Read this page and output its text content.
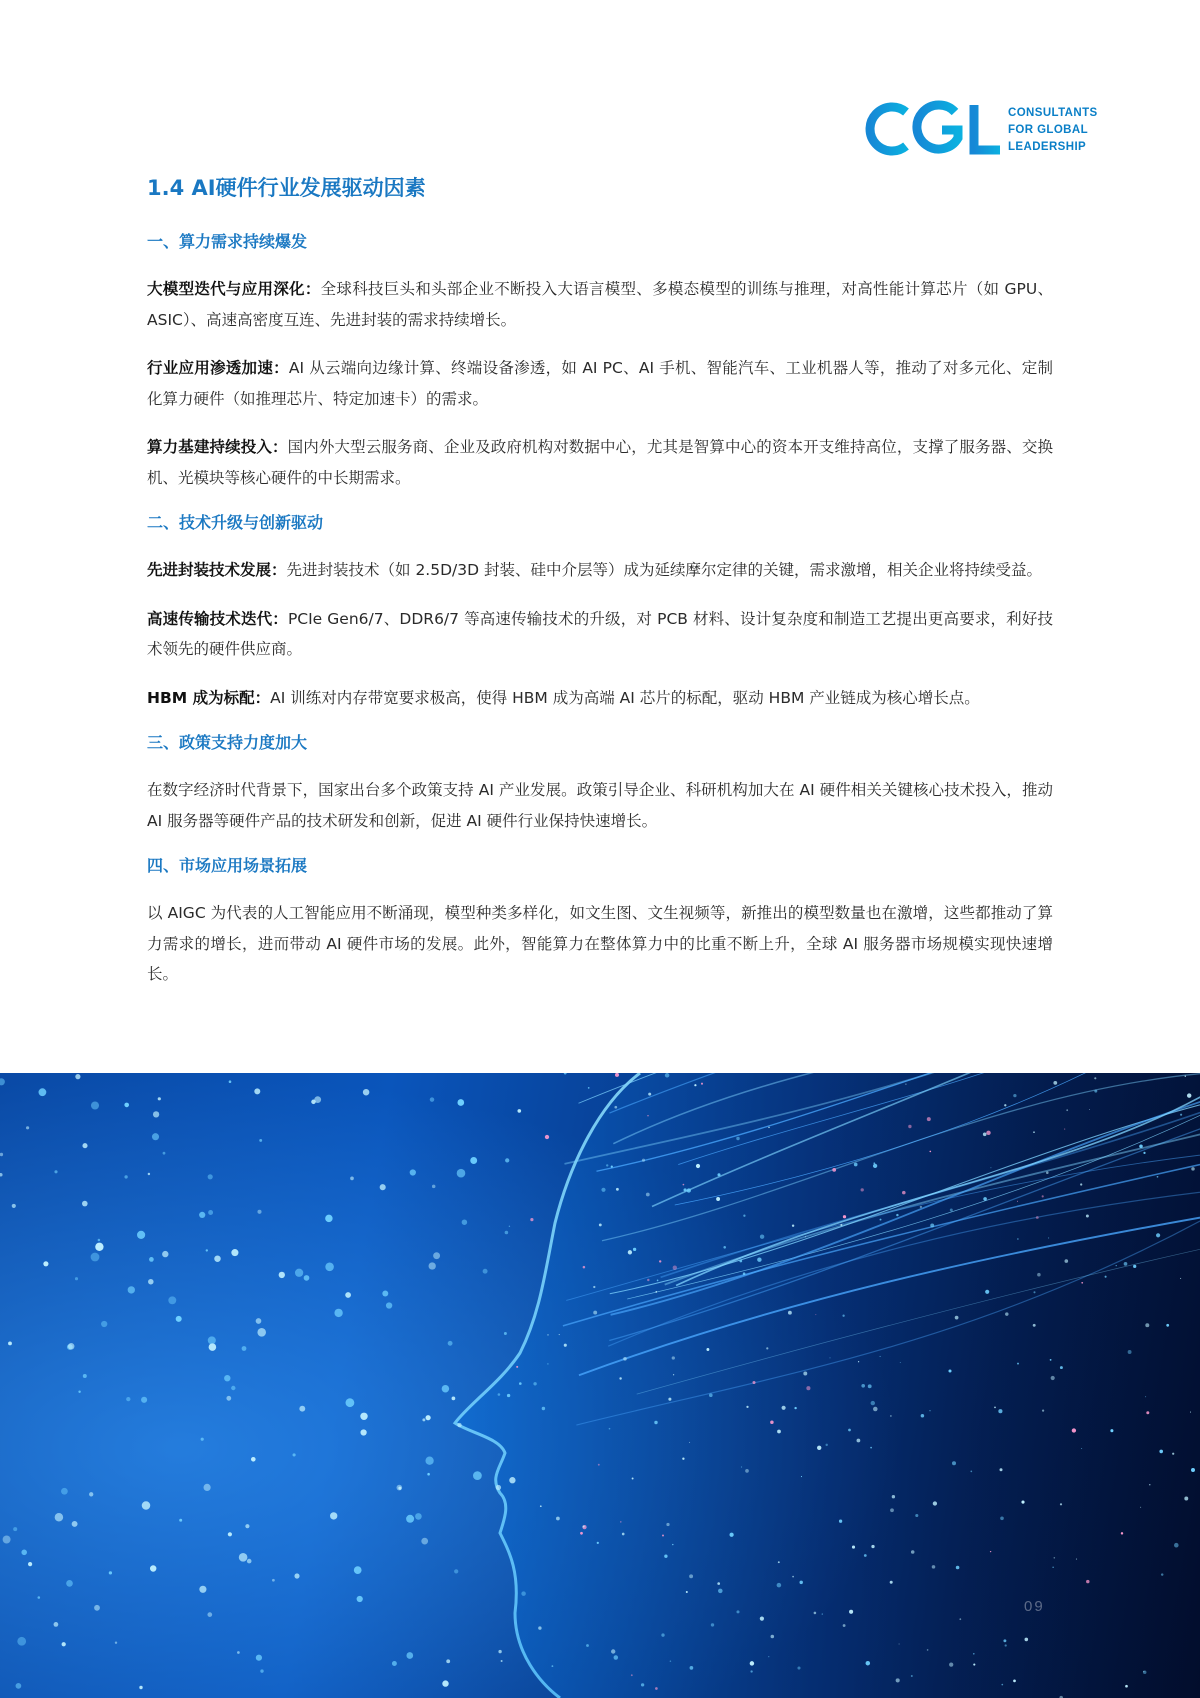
CONSULTANTS
FOR GLOBAL
LEADERSHIP
1.4 AI硬件行业发展驱动因素
一、算力需求持续爆发

大模型迭代与应用深化：全球科技巨头和头部企业不断投入大语言模型、多模态模型的训练与推理，对高性能计算芯片（如 GPU、ASIC）、高速高密度互连、先进封装的需求持续增长。

行业应用渗透加速：AI 从云端向边缘计算、终端设备渗透，如 AI PC、AI 手机、智能汽车、工业机器人等，推动了对多元化、定制化算力硬件（如推理芯片、特定加速卡）的需求。

算力基建持续投入：国内外大型云服务商、企业及政府机构对数据中心，尤其是智算中心的资本开支维持高位，支撑了服务器、交换机、光模块等核心硬件的中长期需求。

二、技术升级与创新驱动

先进封装技术发展：先进封装技术（如 2.5D/3D 封装、硅中介层等）成为延续摩尔定律的关键，需求激增，相关企业将持续受益。

高速传输技术迭代：PCIe Gen6/7、DDR6/7 等高速传输技术的升级，对 PCB 材料、设计复杂度和制造工艺提出更高要求，利好技术领先的硬件供应商。

HBM 成为标配：AI 训练对内存带宽要求极高，使得 HBM 成为高端 AI 芯片的标配，驱动 HBM 产业链成为核心增长点。

三、政策支持力度加大

在数字经济时代背景下，国家出台多个政策支持 AI 产业发展。政策引导企业、科研机构加大在 AI 硬件相关关键核心技术投入，推动 AI 服务器等硬件产品的技术研发和创新，促进 AI 硬件行业保持快速增长。

四、市场应用场景拓展

以 AIGC 为代表的人工智能应用不断涌现，模型种类多样化，如文生图、文生视频等，新推出的模型数量也在激增，这些都推动了算力需求的增长，进而带动 AI 硬件市场的发展。此外，智能算力在整体算力中的比重不断上升，全球 AI 服务器市场规模实现快速增长。

09
